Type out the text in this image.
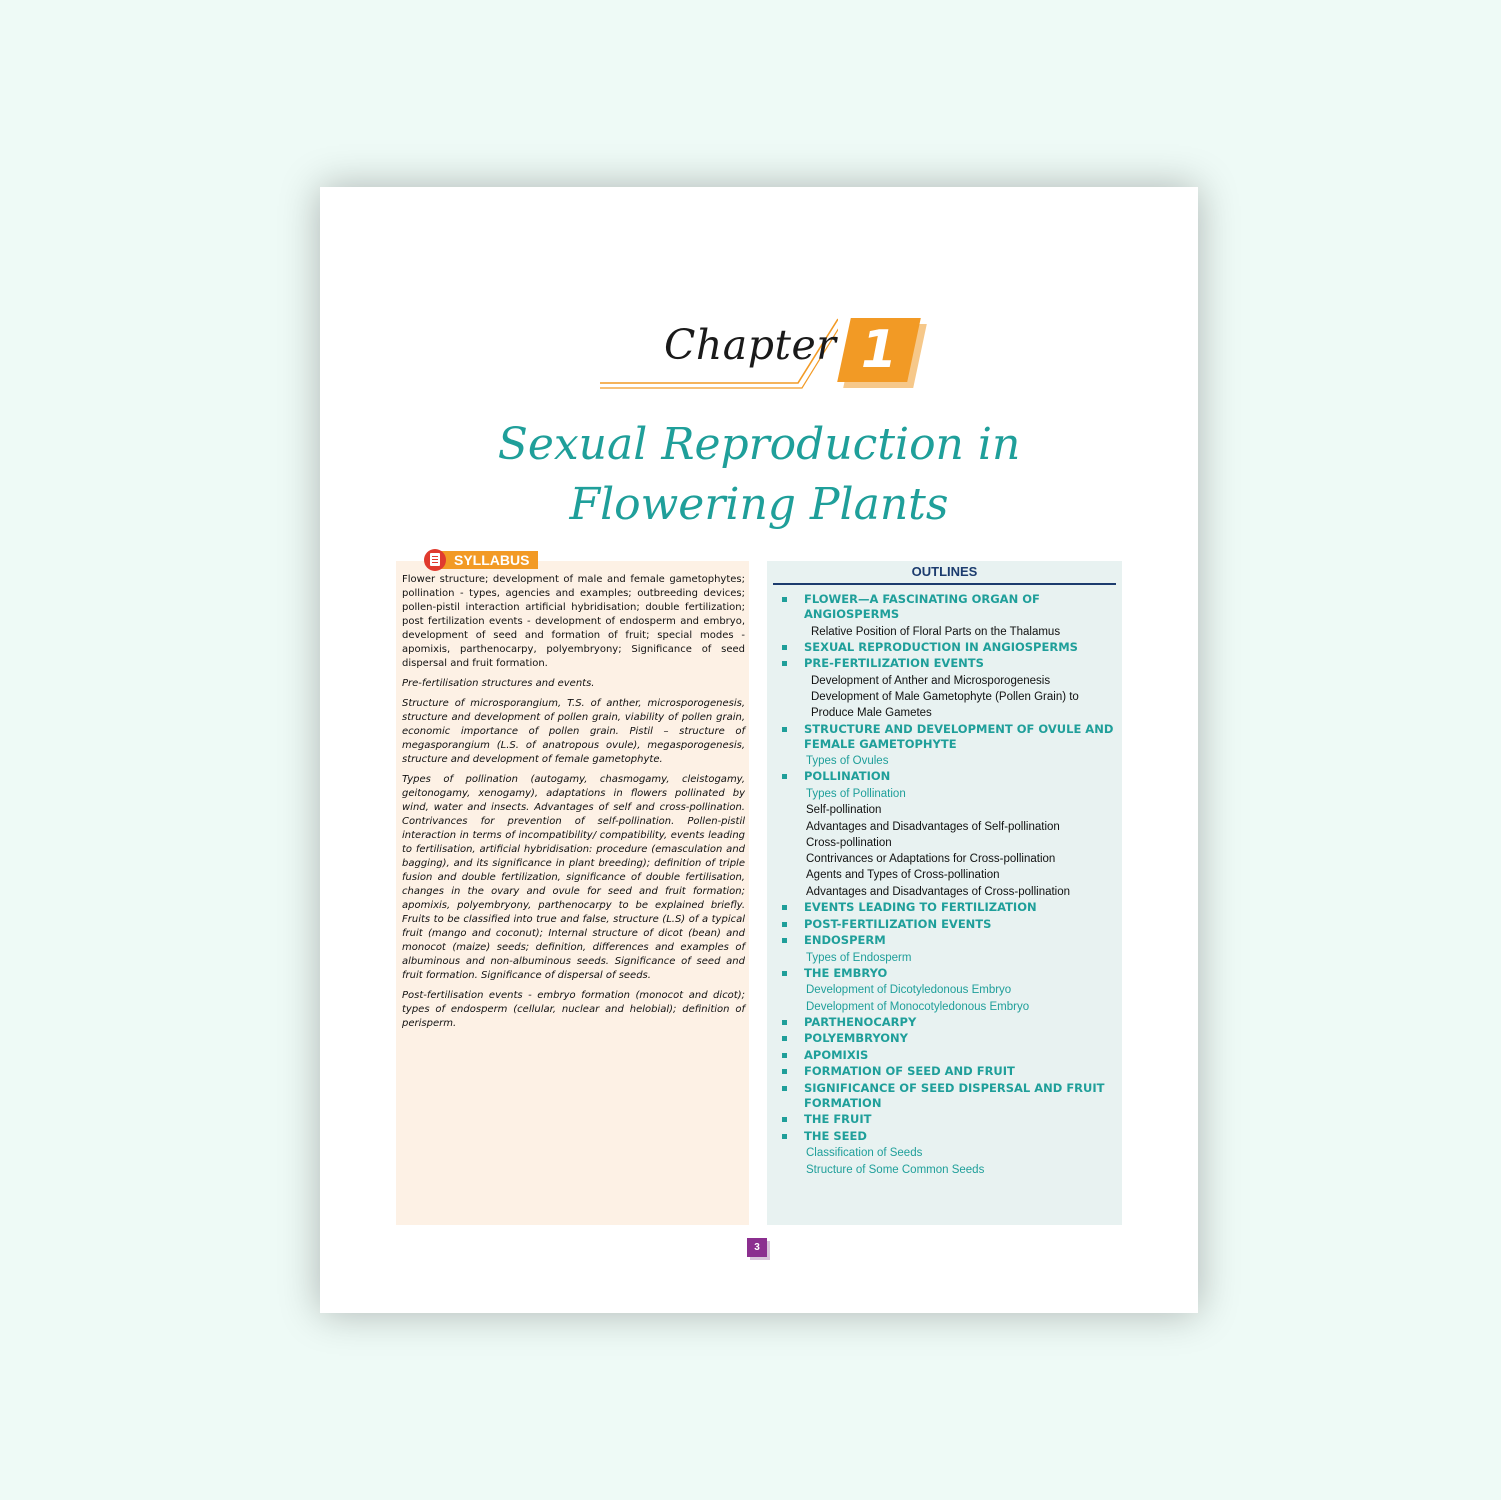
Chapter 1
Sexual Reproduction in
Flowering Plants
SYLLABUS

Flower structure; development of male and female gametophytes; pollination - types, agencies and examples; outbreeding devices; pollen-pistil interaction artificial hybridisation; double fertilization; post fertilization events - development of endosperm and embryo, development of seed and formation of fruit; special modes - apomixis, parthenocarpy, polyembryony; Significance of seed dispersal and fruit formation.

Pre-fertilisation structures and events.

Structure of microsporangium, T.S. of anther, microsporogenesis, structure and development of pollen grain, viability of pollen grain, economic importance of pollen grain. Pistil – structure of megasporangium (L.S. of anatropous ovule), megasporogenesis, structure and development of female gametophyte.

Types of pollination (autogamy, chasmogamy, cleistogamy, geitonogamy, xenogamy), adaptations in flowers pollinated by wind, water and insects. Advantages of self and cross-pollination. Contrivances for prevention of self-pollination. Pollen-pistil interaction in terms of incompatibility/ compatibility, events leading to fertilisation, artificial hybridisation: procedure (emasculation and bagging), and its significance in plant breeding); definition of triple fusion and double fertilization, significance of double fertilisation, changes in the ovary and ovule for seed and fruit formation; apomixis, polyembryony, parthenocarpy to be explained briefly. Fruits to be classified into true and false, structure (L.S) of a typical fruit (mango and coconut); Internal structure of dicot (bean) and monocot (maize) seeds; definition, differences and examples of albuminous and non-albuminous seeds. Significance of seed and fruit formation. Significance of dispersal of seeds.

Post-fertilisation events - embryo formation (monocot and dicot); types of endosperm (cellular, nuclear and helobial); definition of perisperm.

OUTLINES
FLOWER—A FASCINATING ORGAN OF ANGIOSPERMS
Relative Position of Floral Parts on the Thalamus
SEXUAL REPRODUCTION IN ANGIOSPERMS
PRE-FERTILIZATION EVENTS
Development of Anther and Microsporogenesis
Development of Male Gametophyte (Pollen Grain) to Produce Male Gametes
STRUCTURE AND DEVELOPMENT OF OVULE AND FEMALE GAMETOPHYTE
Types of Ovules
POLLINATION
Types of Pollination
Self-pollination
Advantages and Disadvantages of Self-pollination
Cross-pollination
Contrivances or Adaptations for Cross-pollination
Agents and Types of Cross-pollination
Advantages and Disadvantages of Cross-pollination
EVENTS LEADING TO FERTILIZATION
POST-FERTILIZATION EVENTS
ENDOSPERM
Types of Endosperm
THE EMBRYO
Development of Dicotyledonous Embryo
Development of Monocotyledonous Embryo
PARTHENOCARPY
POLYEMBRYONY
APOMIXIS
FORMATION OF SEED AND FRUIT
SIGNIFICANCE OF SEED DISPERSAL AND FRUIT FORMATION
THE FRUIT
THE SEED
Classification of Seeds
Structure of Some Common Seeds
3
